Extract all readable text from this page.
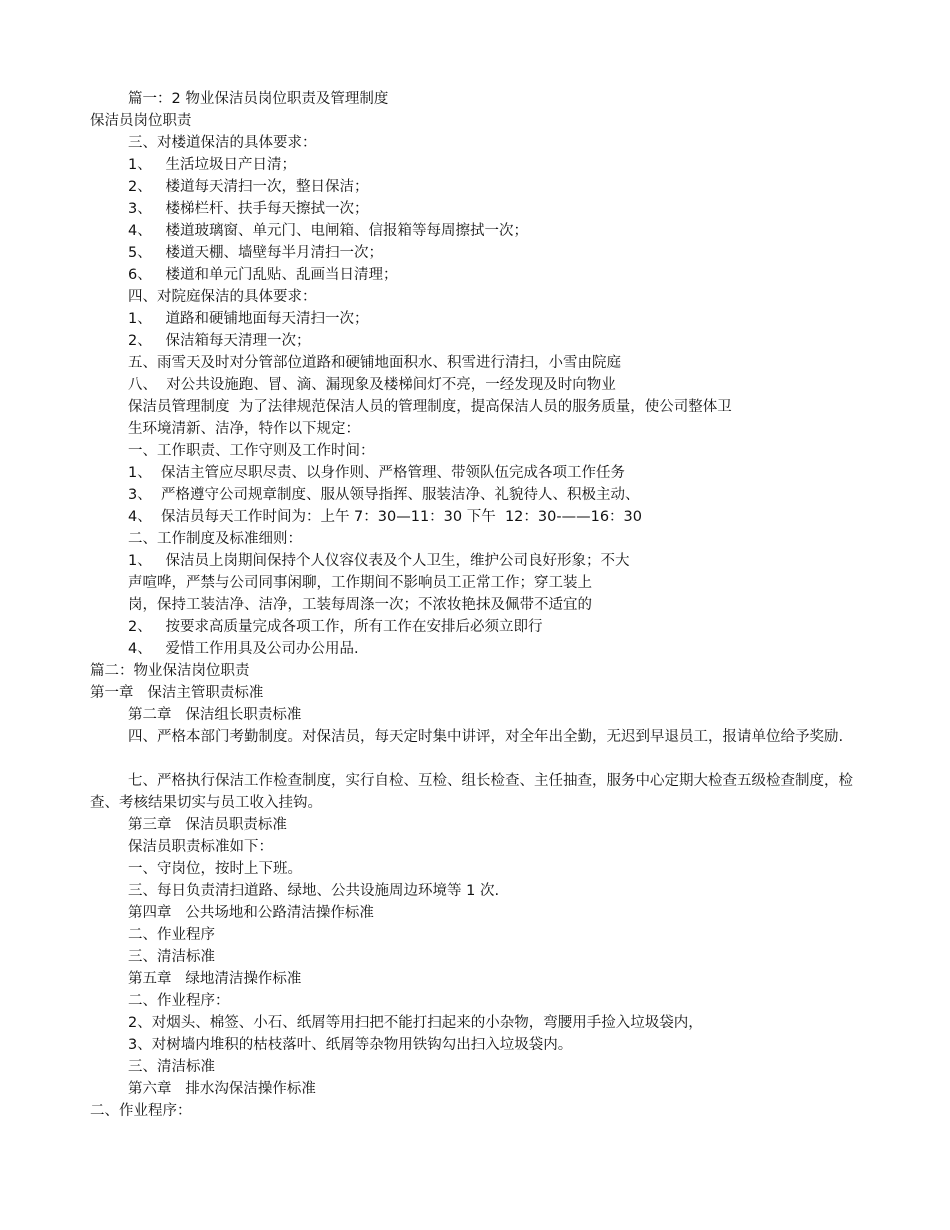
篇一：2 物业保洁员岗位职责及管理制度
保洁员岗位职责
三、对楼道保洁的具体要求：
1、   生活垃圾日产日清；
2、   楼道每天清扫一次，整日保洁；
3、   楼梯栏杆、扶手每天擦拭一次；
4、   楼道玻璃窗、单元门、电闸箱、信报箱等每周擦拭一次；
5、   楼道天棚、墙壁每半月清扫一次；
6、   楼道和单元门乱贴、乱画当日清理；
四、对院庭保洁的具体要求：
1、   道路和硬铺地面每天清扫一次；
2、   保洁箱每天清理一次；
五、雨雪天及时对分管部位道路和硬铺地面积水、积雪进行清扫，小雪由院庭
八、  对公共设施跑、冒、滴、漏现象及楼梯间灯不亮，一经发现及时向物业
保洁员管理制度  为了法律规范保洁人员的管理制度，提高保洁人员的服务质量，使公司整体卫
生环境清新、洁净，特作以下规定：
一、工作职责、工作守则及工作时间：
1、  保洁主管应尽职尽责、以身作则、严格管理、带领队伍完成各项工作任务
3、  严格遵守公司规章制度、服从领导指挥、服装洁净、礼貌待人、积极主动、
4、  保洁员每天工作时间为：上午 7：30—11：30 下午  12：30-——16：30
二、工作制度及标准细则：
1、   保洁员上岗期间保持个人仪容仪表及个人卫生，维护公司良好形象；不大
声喧哗，严禁与公司同事闲聊，工作期间不影响员工正常工作；穿工装上
岗，保持工装洁净、洁净，工装每周涤一次；不浓妆艳抹及佩带不适宜的
2、   按要求高质量完成各项工作，所有工作在安排后必须立即行
4、   爱惜工作用具及公司办公用品.
篇二：物业保洁岗位职责
第一章   保洁主管职责标准
第二章   保洁组长职责标准
四、严格本部门考勤制度。对保洁员，每天定时集中讲评，对全年出全勤，无迟到早退员工，报请单位给予奖励.
七、严格执行保洁工作检查制度，实行自检、互检、组长检查、主任抽查，服务中心定期大检查五级检查制度，检查、考核结果切实与员工收入挂钩。
第三章   保洁员职责标准
保洁员职责标准如下：
一、守岗位，按时上下班。
三、每日负责清扫道路、绿地、公共设施周边环境等 1 次.
第四章   公共场地和公路清洁操作标准
二、作业程序
三、清洁标准
第五章   绿地清洁操作标准
二、作业程序：
2、对烟头、棉签、小石、纸屑等用扫把不能打扫起来的小杂物，弯腰用手捡入垃圾袋内，
3、对树墙内堆积的枯枝落叶、纸屑等杂物用铁钩勾出扫入垃圾袋内。
三、清洁标准
第六章   排水沟保洁操作标准
二、作业程序：
